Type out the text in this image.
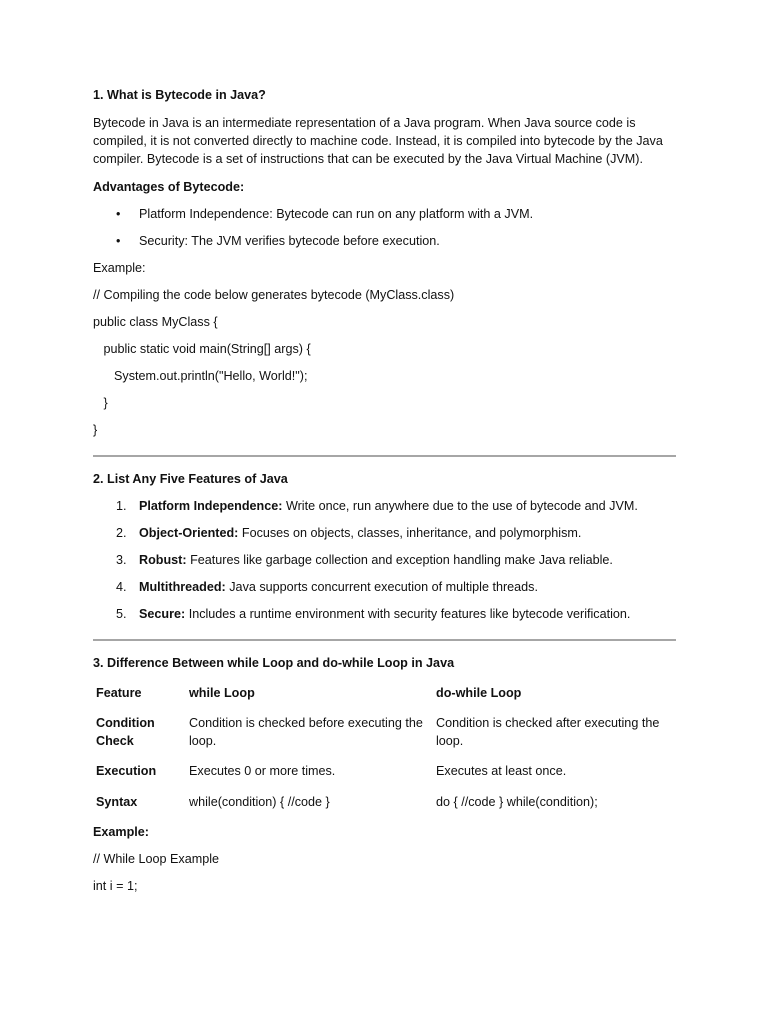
1. What is Bytecode in Java?

Bytecode in Java is an intermediate representation of a Java program. When Java source code is compiled, it is not converted directly to machine code. Instead, it is compiled into bytecode by the Java compiler. Bytecode is a set of instructions that can be executed by the Java Virtual Machine (JVM).

Advantages of Bytecode:
• Platform Independence: Bytecode can run on any platform with a JVM.
• Security: The JVM verifies bytecode before execution.

Example:

// Compiling the code below generates bytecode (MyClass.class)

public class MyClass {

public static void main(String[] args) {

System.out.println("Hello, World!");

}

}

2. List Any Five Features of Java
1. Platform Independence: Write once, run anywhere due to the use of bytecode and JVM.
2. Object-Oriented: Focuses on objects, classes, inheritance, and polymorphism.
3. Robust: Features like garbage collection and exception handling make Java reliable.
4. Multithreaded: Java supports concurrent execution of multiple threads.
5. Secure: Includes a runtime environment with security features like bytecode verification.
3. Difference Between while Loop and do-while Loop in Java
Feature	while Loop	do-while Loop

Condition Check	Condition is checked before executing the loop.	Condition is checked after executing the loop.

Execution	Executes 0 or more times.	Executes at least once.

Syntax	while(condition) { //code }	do { //code } while(condition);
Example:

// While Loop Example

int i = 1;
